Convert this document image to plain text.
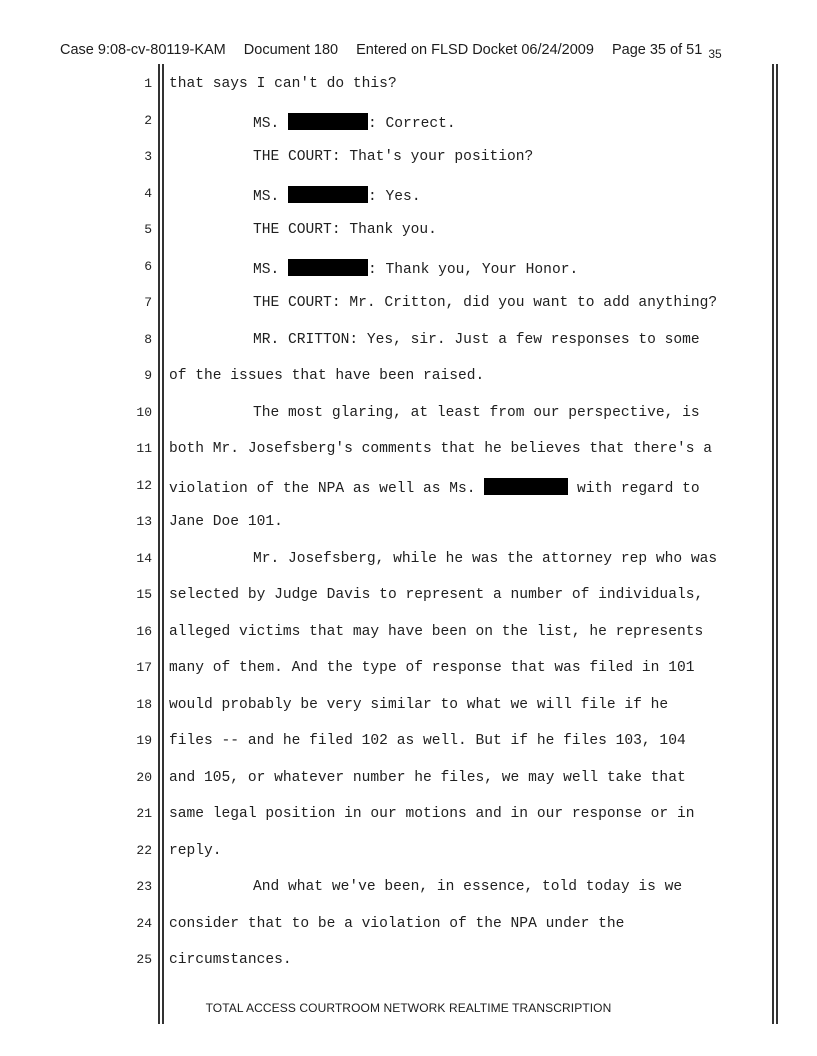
Case 9:08-cv-80119-KAM Document 180 Entered on FLSD Docket 06/24/2009 Page 35 of 51 $_{35}$
1 that says I can't do this?
2	MS.	: Correct.
3	THE COURT: That's your position?
4	MS.	: Yes.
5	THE COURT: Thank you.
6	MS.	: Thank you, Your Honor.
7	THE COURT: Mr. Critton, did you want to add anything?
8	MR. CRITTON: Yes, sir. Just a few responses to some
9 of the issues that have been raised.
10	The most glaring, at least from our perspective, is
11 both Mr. Josefsberg's comments that he believes that there's a
12 violation of the NPA as well as Ms.	with regard to
13 Jane Doe 101.
14	Mr. Josefsberg, while he was the attorney rep who was
15 selected by Judge Davis to represent a number of individuals,
16 alleged victims that may have been on the list, he represents
17 many of them. And the type of response that was filed in 101
18 would probably be very similar to what we will file if he
19 files -- and he filed 102 as well. But if he files 103, 104
20 and 105, or whatever number he files, we may well take that
21 same legal position in our motions and in our response or in
22 reply.
23	And what we've been, in essence, told today is we
24 consider that to be a violation of the NPA under the
25 circumstances.
TOTAL ACCESS COURTROOM NETWORK REALTIME TRANSCRIPTION
